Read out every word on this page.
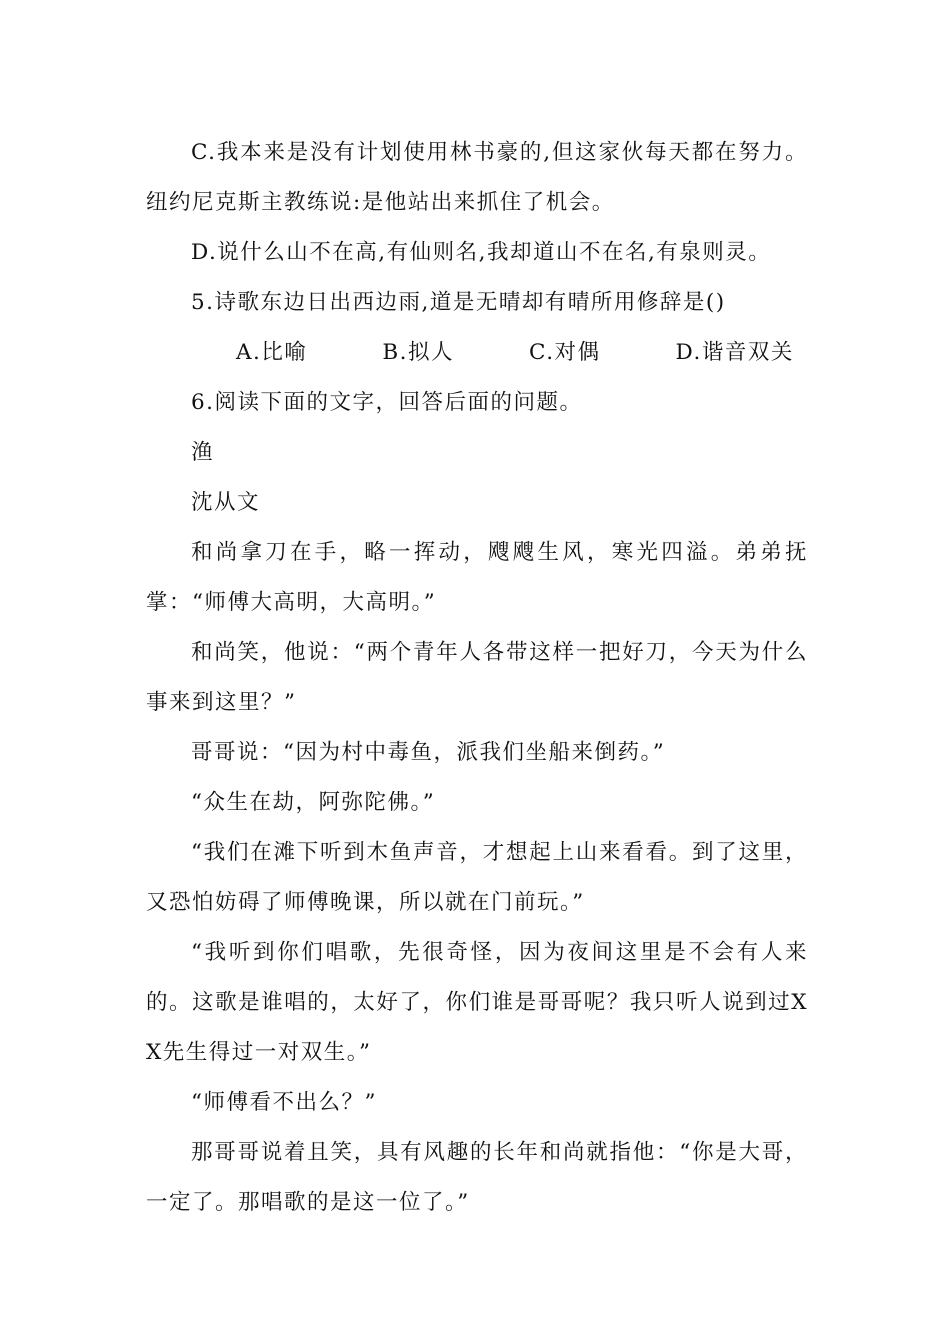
C.我本来是没有计划使用林书豪的,但这家伙每天都在努力。纽约尼克斯主教练说:是他站出来抓住了机会。

D.说什么山不在高,有仙则名,我却道山不在名,有泉则灵。

5.诗歌东边日出西边雨,道是无晴却有晴所用修辞是()

A.比喻	B.拟人	C.对偶	D.谐音双关

6.阅读下面的文字，回答后面的问题。

渔

沈从文

和尚拿刀在手，略一挥动，飕飕生风，寒光四溢。弟弟抚掌：“师傅大高明，大高明。”

和尚笑，他说：“两个青年人各带这样一把好刀，今天为什么事来到这里？”

哥哥说：“因为村中毒鱼，派我们坐船来倒药。”

“众生在劫，阿弥陀佛。”

“我们在滩下听到木鱼声音，才想起上山来看看。到了这里，又恐怕妨碍了师傅晚课，所以就在门前玩。”

“我听到你们唱歌，先很奇怪，因为夜间这里是不会有人来的。这歌是谁唱的，太好了，你们谁是哥哥呢？我只听人说到过XX先生得过一对双生。”

“师傅看不出么？”

那哥哥说着且笑，具有风趣的长年和尚就指他：“你是大哥，一定了。那唱歌的是这一位了。”
